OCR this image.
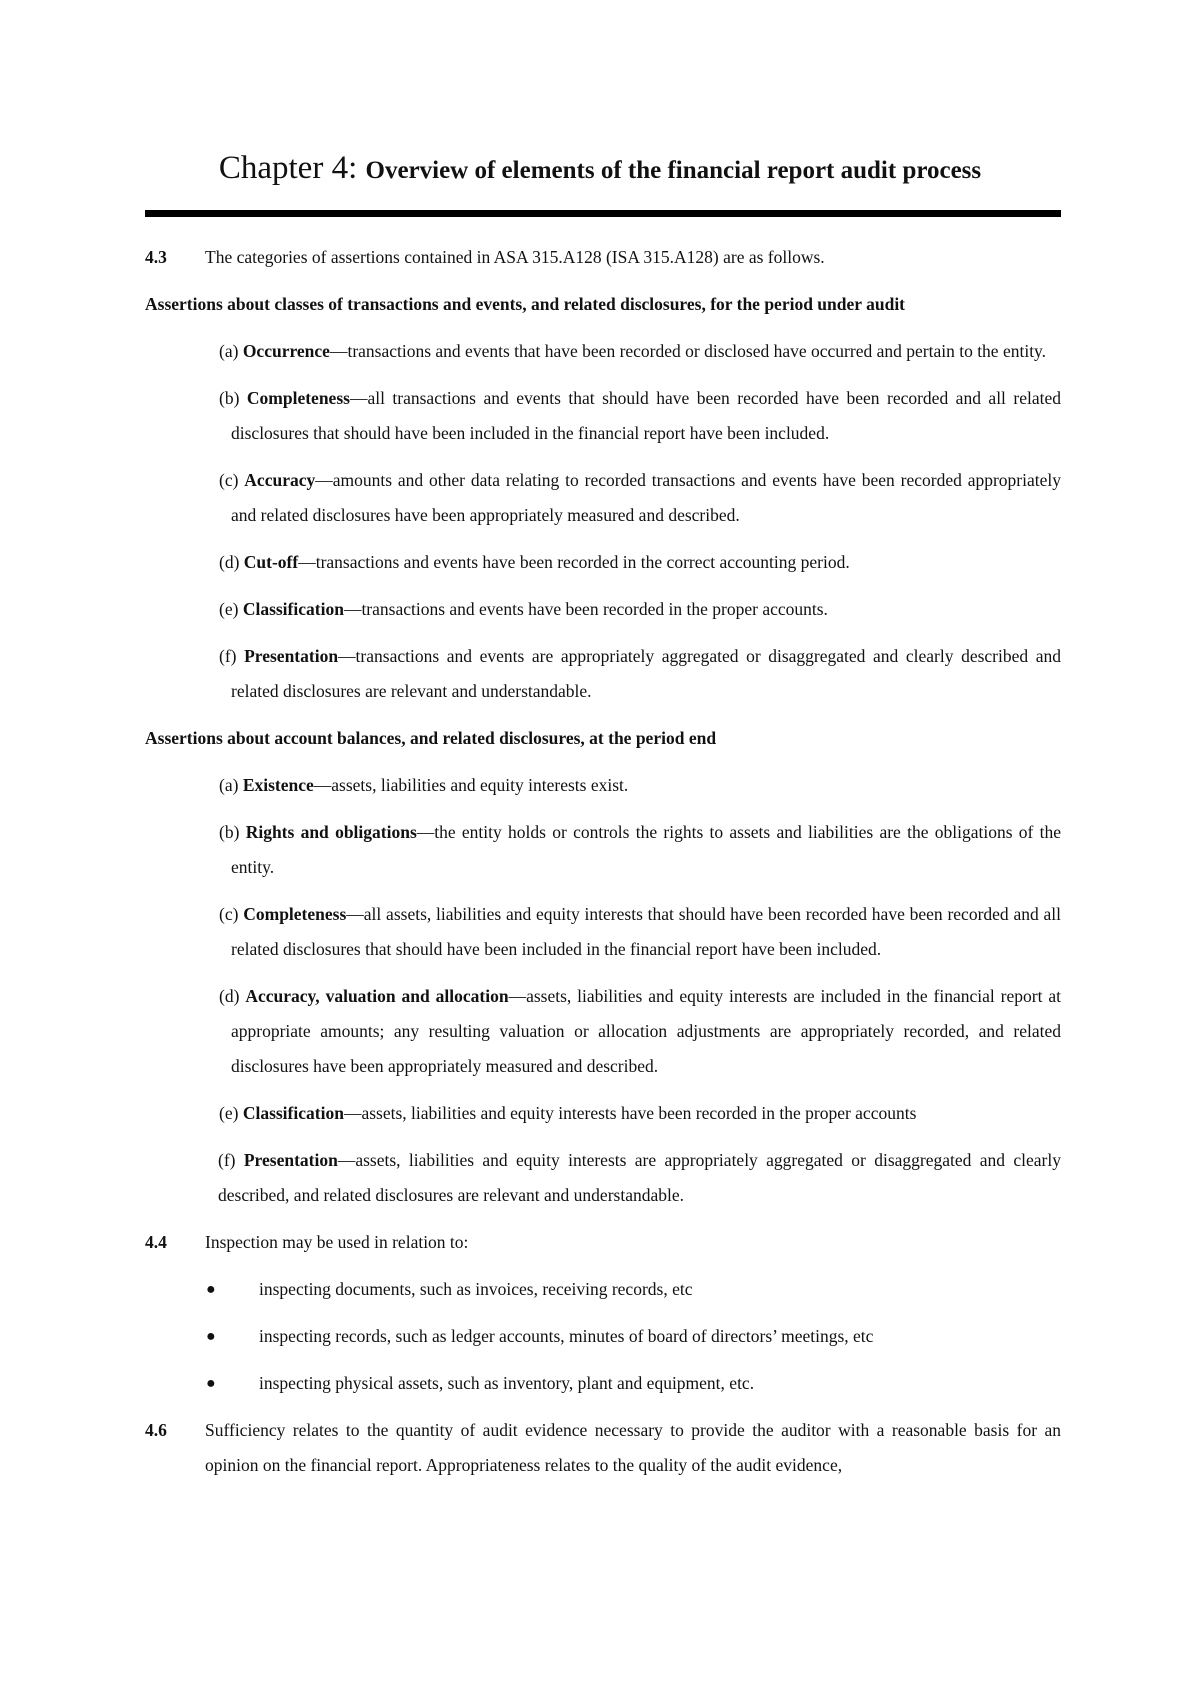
Chapter 4: Overview of elements of the financial report audit process
4.3 The categories of assertions contained in ASA 315.A128 (ISA 315.A128) are as follows.
Assertions about classes of transactions and events, and related disclosures, for the period under audit
(a) Occurrence—transactions and events that have been recorded or disclosed have occurred and pertain to the entity.
(b) Completeness—all transactions and events that should have been recorded have been recorded and all related disclosures that should have been included in the financial report have been included.
(c) Accuracy—amounts and other data relating to recorded transactions and events have been recorded appropriately and related disclosures have been appropriately measured and described.
(d) Cut-off—transactions and events have been recorded in the correct accounting period.
(e) Classification—transactions and events have been recorded in the proper accounts.
(f) Presentation—transactions and events are appropriately aggregated or disaggregated and clearly described and related disclosures are relevant and understandable.
Assertions about account balances, and related disclosures, at the period end
(a) Existence—assets, liabilities and equity interests exist.
(b) Rights and obligations—the entity holds or controls the rights to assets and liabilities are the obligations of the entity.
(c) Completeness—all assets, liabilities and equity interests that should have been recorded have been recorded and all related disclosures that should have been included in the financial report have been included.
(d) Accuracy, valuation and allocation—assets, liabilities and equity interests are included in the financial report at appropriate amounts; any resulting valuation or allocation adjustments are appropriately recorded, and related disclosures have been appropriately measured and described.
(e) Classification—assets, liabilities and equity interests have been recorded in the proper accounts
(f) Presentation—assets, liabilities and equity interests are appropriately aggregated or disaggregated and clearly described, and related disclosures are relevant and understandable.
4.4 Inspection may be used in relation to:
● inspecting documents, such as invoices, receiving records, etc
● inspecting records, such as ledger accounts, minutes of board of directors’ meetings, etc
● inspecting physical assets, such as inventory, plant and equipment, etc.
4.6 Sufficiency relates to the quantity of audit evidence necessary to provide the auditor with a reasonable basis for an opinion on the financial report. Appropriateness relates to the quality of the audit evidence,
